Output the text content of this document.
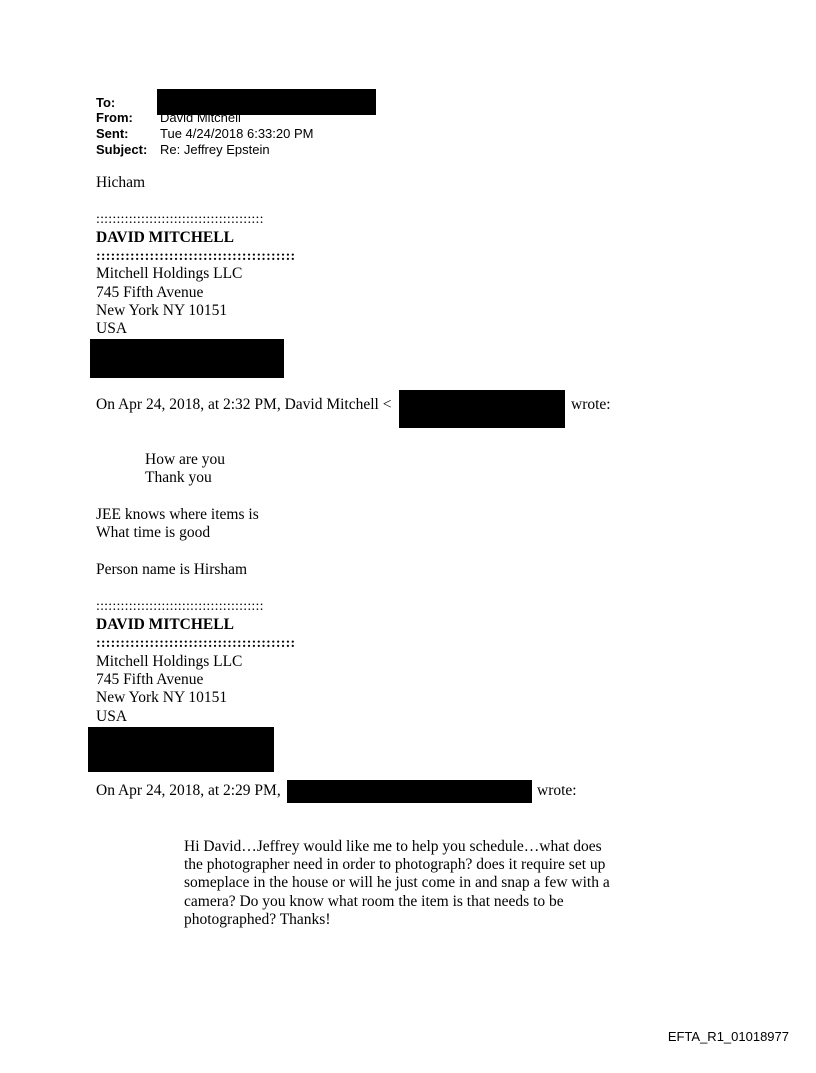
To:
From: David Mitchell
Sent: Tue 4/24/2018 6:33:20 PM
Subject: Re: Jeffrey Epstein
Hicham
:::::::::::::::::::::::::::::::::::::::::
DAVID MITCHELL
:::::::::::::::::::::::::::::::::::::::::
Mitchell Holdings LLC
745 Fifth Avenue
New York NY 10151
USA
On Apr 24, 2018, at 2:32 PM, David Mitchell <	wrote:
How are you
Thank you
JEE knows where items is
What time is good
Person name is Hirsham
:::::::::::::::::::::::::::::::::::::::::
DAVID MITCHELL
:::::::::::::::::::::::::::::::::::::::::
Mitchell Holdings LLC
745 Fifth Avenue
New York NY 10151
USA
On Apr 24, 2018, at 2:29 PM,	wrote:
Hi David…Jeffrey would like me to help you schedule…what does
the photographer need in order to photograph? does it require set up
someplace in the house or will he just come in and snap a few with a
camera? Do you know what room the item is that needs to be
photographed? Thanks!
EFTA_R1_01018977
